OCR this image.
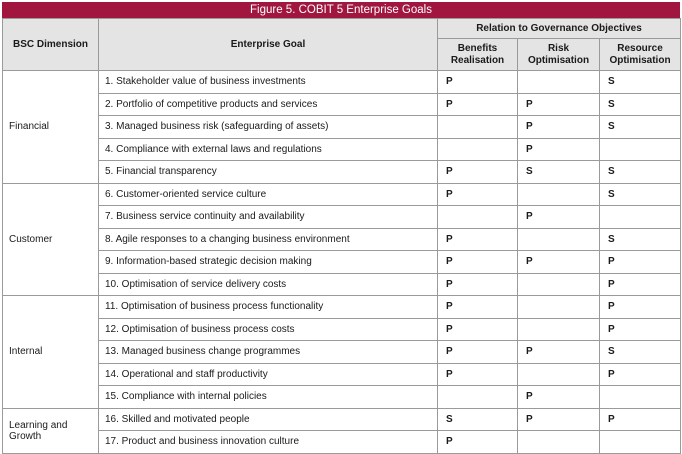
Figure 5. COBIT 5 Enterprise Goals
BSC Dimension	Enterprise Goal	Relation to Governance Objectives		
		Benefits Realisation	Risk Optimisation	Resource Optimisation
Financial	1. Stakeholder value of business investments	P		S
	2. Portfolio of competitive products and services	P	P	S
	3. Managed business risk (safeguarding of assets)		P	S
	4. Compliance with external laws and regulations		P	
	5. Financial transparency	P	S	S
Customer	6. Customer-oriented service culture	P		S
	7. Business service continuity and availability		P	
	8. Agile responses to a changing business environment	P		S
	9. Information-based strategic decision making	P	P	P
	10. Optimisation of service delivery costs	P		P
Internal	11. Optimisation of business process functionality	P		P
	12. Optimisation of business process costs	P		P
	13. Managed business change programmes	P	P	S
	14. Operational and staff productivity	P		P
	15. Compliance with internal policies		P	
Learning and Growth	16. Skilled and motivated people	S	P	P
	17. Product and business innovation culture	P		
